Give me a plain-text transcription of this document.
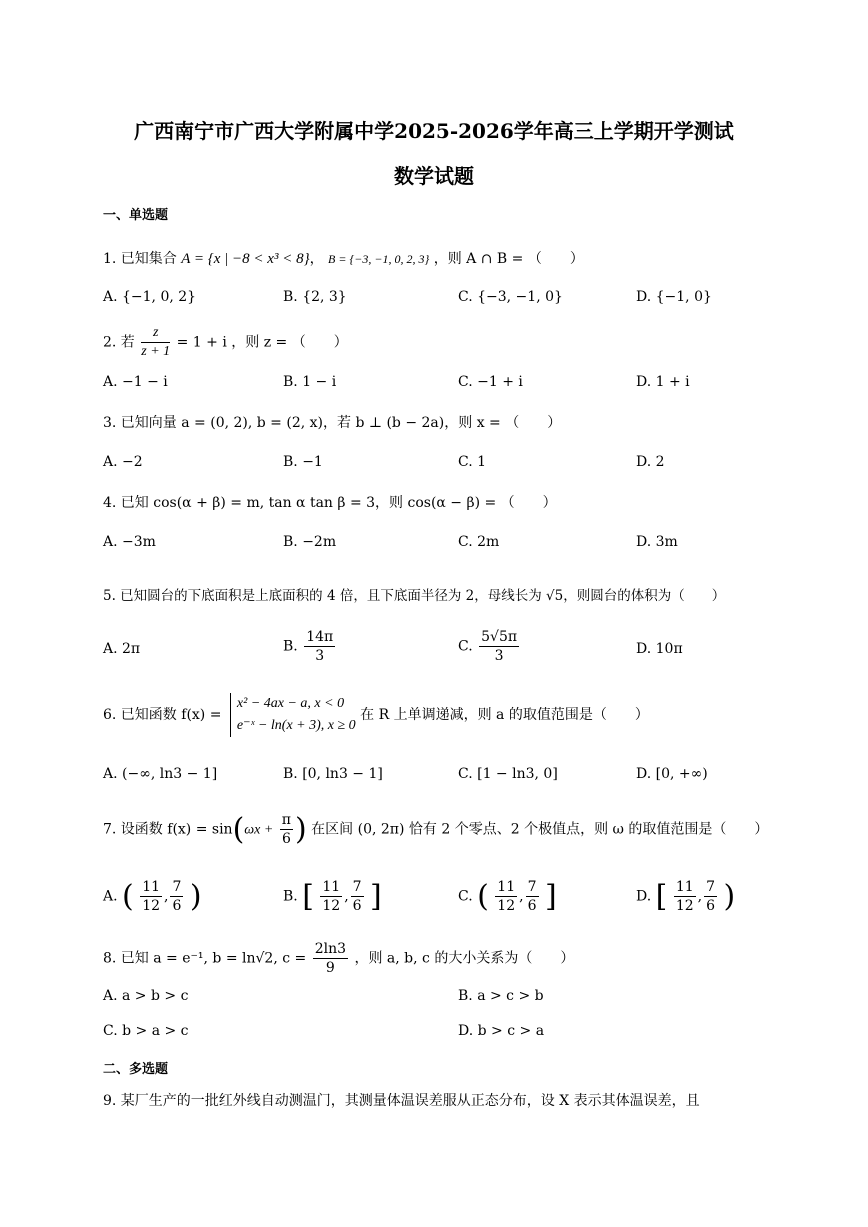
广西南宁市广西大学附属中学2025-2026学年高三上学期开学测试
数学试题
一、单选题
1. 已知集合 A = {x | −8 < x³ < 8}， B = {−3, −1, 0, 2, 3} ，则 A ∩ B = （　　）
A. {−1, 0, 2}	B. {2, 3}	C. {−3, −1, 0}	D. {−1, 0}
2. 若 $\frac{z}{z + 1} = 1 + i$ ，则 z = （　　）
A. −1 − i	B. 1 − i	C. −1 + i	D. 1 + i
3. 已知向量 a = (0, 2), b = (2, x)，若 b ⊥ (b − 2a)，则 x = （　　）
A. −2	B. −1	C. 1	D. 2
4. 已知 cos(α + β) = m, tan α tan β = 3，则 cos(α − β) = （　　）
A. −3m	B. −2m	C. 2m	D. 3m
5. 已知圆台的下底面积是上底面积的 4 倍，且下底面半径为 2，母线长为 √5，则圆台的体积为（　　）
A. 2π	B. $\frac{14\pi}{3}$	C. $\frac{5√5\pi}{3}$	D. 10π
6. 已知函数 f(x) =
x² − 4ax − a, x < 0
e⁻ˣ − ln(x + 3), x ≥ 0
在 R 上单调递减，则 a 的取值范围是（　　）
A. (−∞, ln3 − 1]	B. [0, ln3 − 1]	C. [1 − ln3, 0]	D. [0, +∞)
7. 设函数 $f(x) = \sin(\omega x + \frac{\pi}{6}$ ) 在区间 (0, 2π) 恰有 2 个零点、2 个极值点，则 ω 的取值范围是（　　）
A. ( $\frac{11}{12}$ , $\frac{7}{6}$ )	B. [ $\frac{11}{12}$ , $\frac{7}{6}$ ]	C. ( $\frac{11}{12}$ , $\frac{7}{6}$ ]	D. [ $\frac{11}{12}$ , $\frac{7}{6}$ )
8. 已知 a = e⁻¹, b = ln√2, $c = \frac{2\ln 3}{9}$ ，则 a, b, c 的大小关系为（　　）
A. a > b > c	B. a > c > b
C. b > a > c	D. b > c > a
二、多选题
9. 某厂生产的一批红外线自动测温门，其测量体温误差服从正态分布，设 X 表示其体温误差，且
